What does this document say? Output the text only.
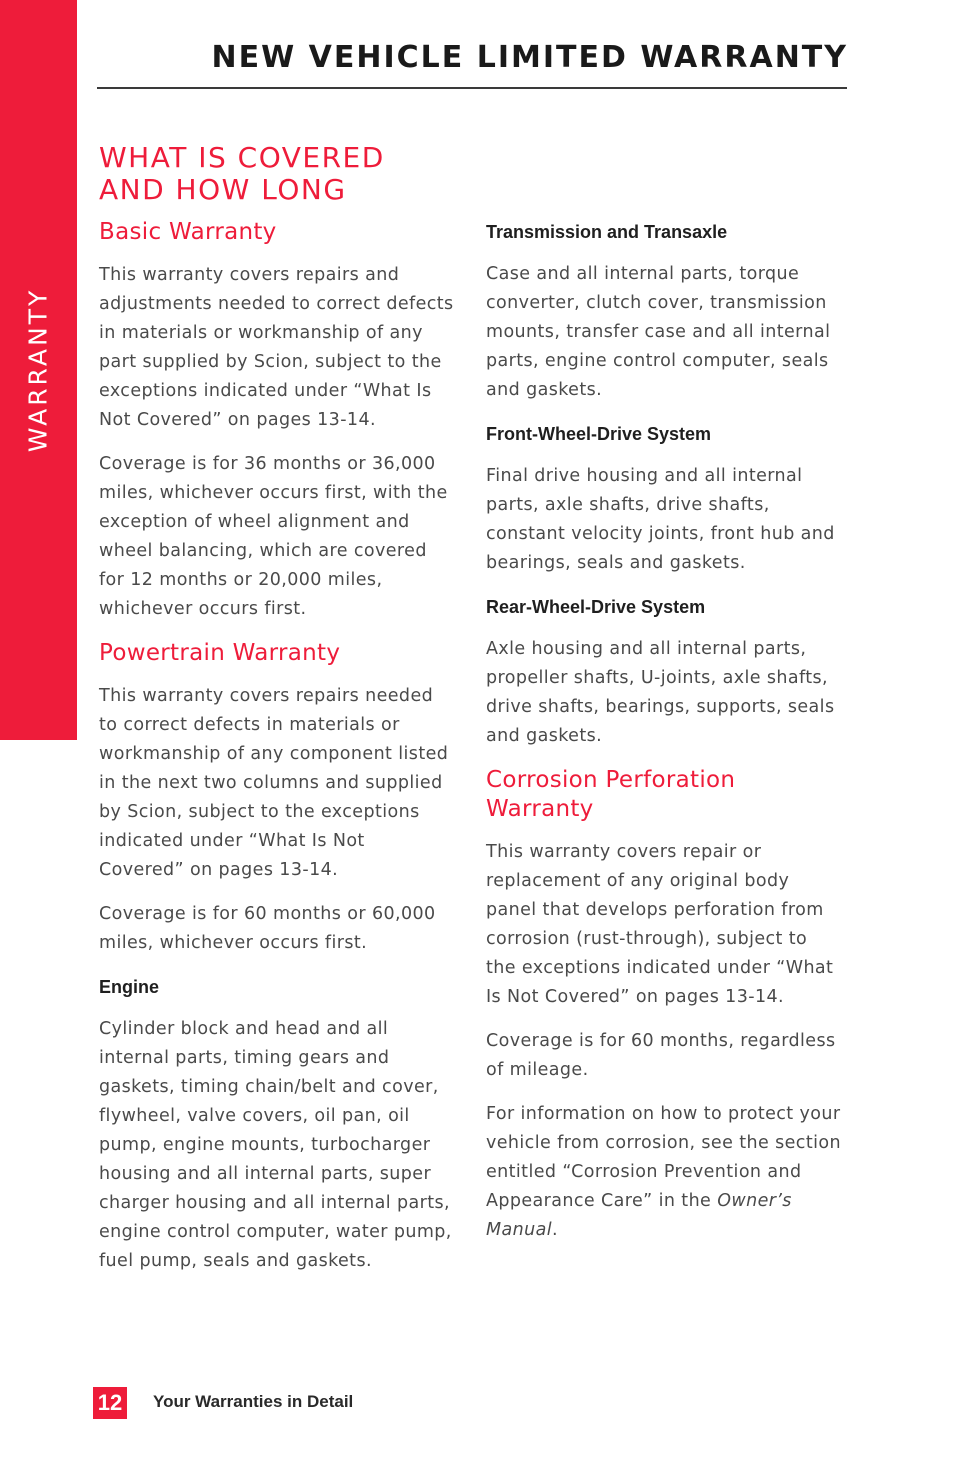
WARRANTY
NEW VEHICLE LIMITED WARRANTY
WHAT IS COVERED AND HOW LONG
Basic Warranty

This warranty covers repairs and adjustments needed to correct defects in materials or workmanship of any part supplied by Scion, subject to the exceptions indicated under “What Is Not Covered” on pages 13-14.

Coverage is for 36 months or 36,000 miles, whichever occurs first, with the exception of wheel alignment and wheel balancing, which are covered for 12 months or 20,000 miles, whichever occurs first.

Powertrain Warranty

This warranty covers repairs needed to correct defects in materials or workmanship of any component listed in the next two columns and supplied by Scion, subject to the exceptions indicated under “What Is Not Covered” on pages 13-14.

Coverage is for 60 months or 60,000 miles, whichever occurs first.

Engine

Cylinder block and head and all internal parts, timing gears and gaskets, timing chain/belt and cover, flywheel, valve covers, oil pan, oil pump, engine mounts, turbocharger housing and all internal parts, super charger housing and all internal parts, engine control computer, water pump, fuel pump, seals and gaskets.

Transmission and Transaxle

Case and all internal parts, torque converter, clutch cover, transmission mounts, transfer case and all internal parts, engine control computer, seals and gaskets.

Front-Wheel-Drive System

Final drive housing and all internal parts, axle shafts, drive shafts, constant velocity joints, front hub and bearings, seals and gaskets.

Rear-Wheel-Drive System

Axle housing and all internal parts, propeller shafts, U-joints, axle shafts, drive shafts, bearings, supports, seals and gaskets.

Corrosion Perforation Warranty

This warranty covers repair or replacement of any original body panel that develops perforation from corrosion (rust-through), subject to the exceptions indicated under “What Is Not Covered” on pages 13-14.

Coverage is for 60 months, regardless of mileage.

For information on how to protect your vehicle from corrosion, see the section entitled “Corrosion Prevention and Appearance Care” in the Owner’s Manual.

12 Your Warranties in Detail
